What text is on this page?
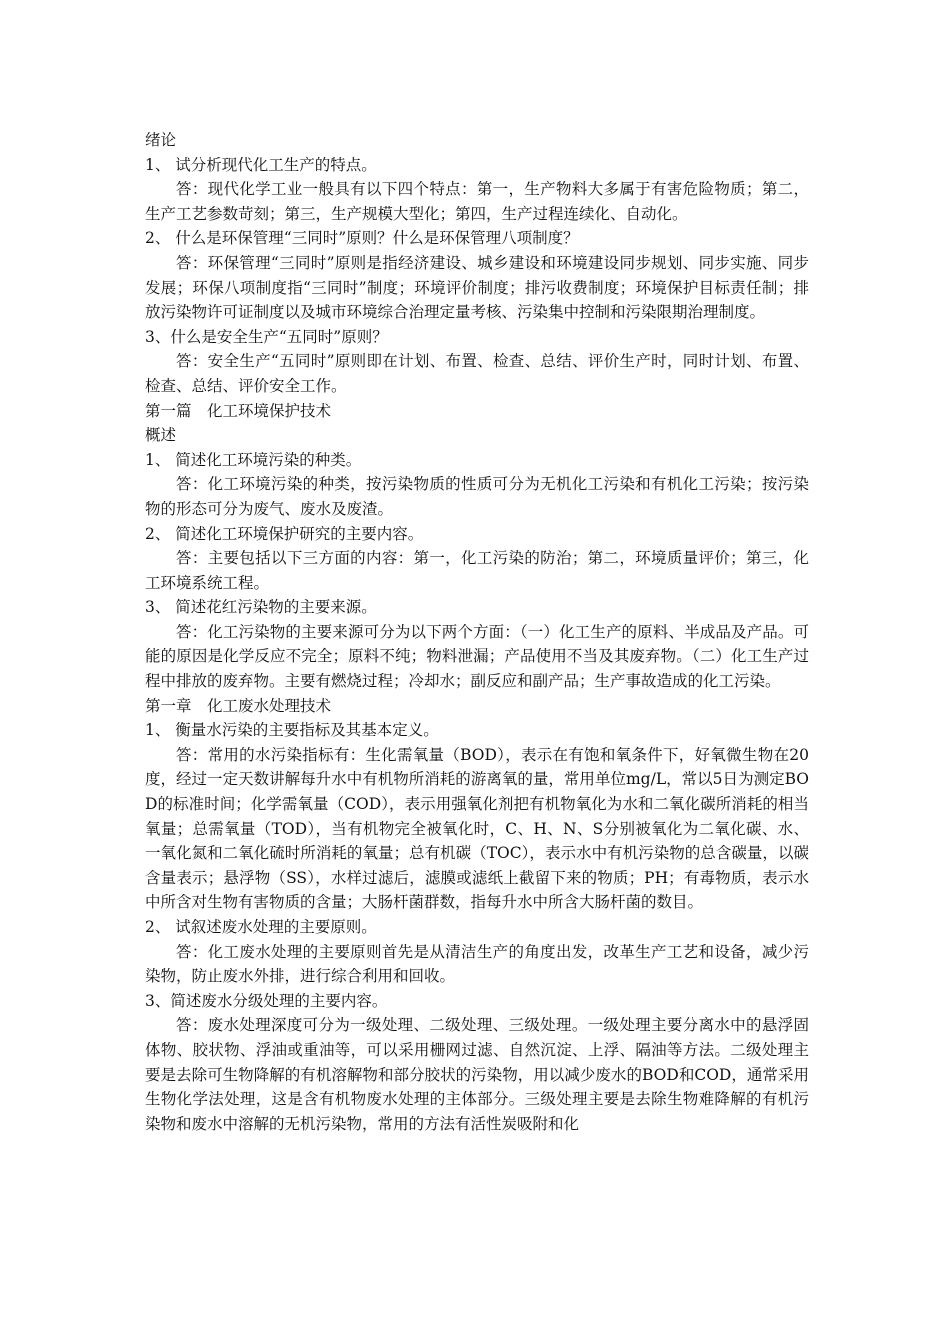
绪论

1、 试分析现代化工生产的特点。

答：现代化学工业一般具有以下四个特点：第一，生产物料大多属于有害危险物质；第二，生产工艺参数苛刻；第三，生产规模大型化；第四，生产过程连续化、自动化。

2、 什么是环保管理“三同时”原则？什么是环保管理八项制度？

答：环保管理“三同时”原则是指经济建设、城乡建设和环境建设同步规划、同步实施、同步发展；环保八项制度指“三同时”制度；环境评价制度；排污收费制度；环境保护目标责任制；排放污染物许可证制度以及城市环境综合治理定量考核、污染集中控制和污染限期治理制度。

3、什么是安全生产“五同时”原则？

答：安全生产“五同时”原则即在计划、布置、检查、总结、评价生产时，同时计划、布置、检查、总结、评价安全工作。

第一篇　化工环境保护技术

概述

1、 简述化工环境污染的种类。

答：化工环境污染的种类，按污染物质的性质可分为无机化工污染和有机化工污染；按污染物的形态可分为废气、废水及废渣。

2、 简述化工环境保护研究的主要内容。

答：主要包括以下三方面的内容：第一，化工污染的防治；第二，环境质量评价；第三，化工环境系统工程。

3、 简述花红污染物的主要来源。

答：化工污染物的主要来源可分为以下两个方面：（一）化工生产的原料、半成品及产品。可能的原因是化学反应不完全；原料不纯；物料泄漏；产品使用不当及其废弃物。（二）化工生产过程中排放的废弃物。主要有燃烧过程；冷却水；副反应和副产品；生产事故造成的化工污染。

第一章　化工废水处理技术

1、 衡量水污染的主要指标及其基本定义。

答：常用的水污染指标有：生化需氧量（BOD），表示在有饱和氧条件下，好氧微生物在20度，经过一定天数讲解每升水中有机物所消耗的游离氧的量，常用单位mg/L，常以5日为测定BOD的标准时间；化学需氧量（COD），表示用强氧化剂把有机物氧化为水和二氧化碳所消耗的相当氧量；总需氧量（TOD），当有机物完全被氧化时，C、H、N、S分别被氧化为二氧化碳、水、一氧化氮和二氧化硫时所消耗的氧量；总有机碳（TOC），表示水中有机污染物的总含碳量，以碳含量表示；悬浮物（SS），水样过滤后，滤膜或滤纸上截留下来的物质；PH；有毒物质，表示水中所含对生物有害物质的含量；大肠杆菌群数，指每升水中所含大肠杆菌的数目。

2、 试叙述废水处理的主要原则。

答：化工废水处理的主要原则首先是从清洁生产的角度出发，改革生产工艺和设备，减少污染物，防止废水外排，进行综合利用和回收。

3、简述废水分级处理的主要内容。

答：废水处理深度可分为一级处理、二级处理、三级处理。一级处理主要分离水中的悬浮固体物、胶状物、浮油或重油等，可以采用栅网过滤、自然沉淀、上浮、隔油等方法。二级处理主要是去除可生物降解的有机溶解物和部分胶状的污染物，用以减少废水的BOD和COD，通常采用生物化学法处理，这是含有机物废水处理的主体部分。三级处理主要是去除生物难降解的有机污染物和废水中溶解的无机污染物，常用的方法有活性炭吸附和化
